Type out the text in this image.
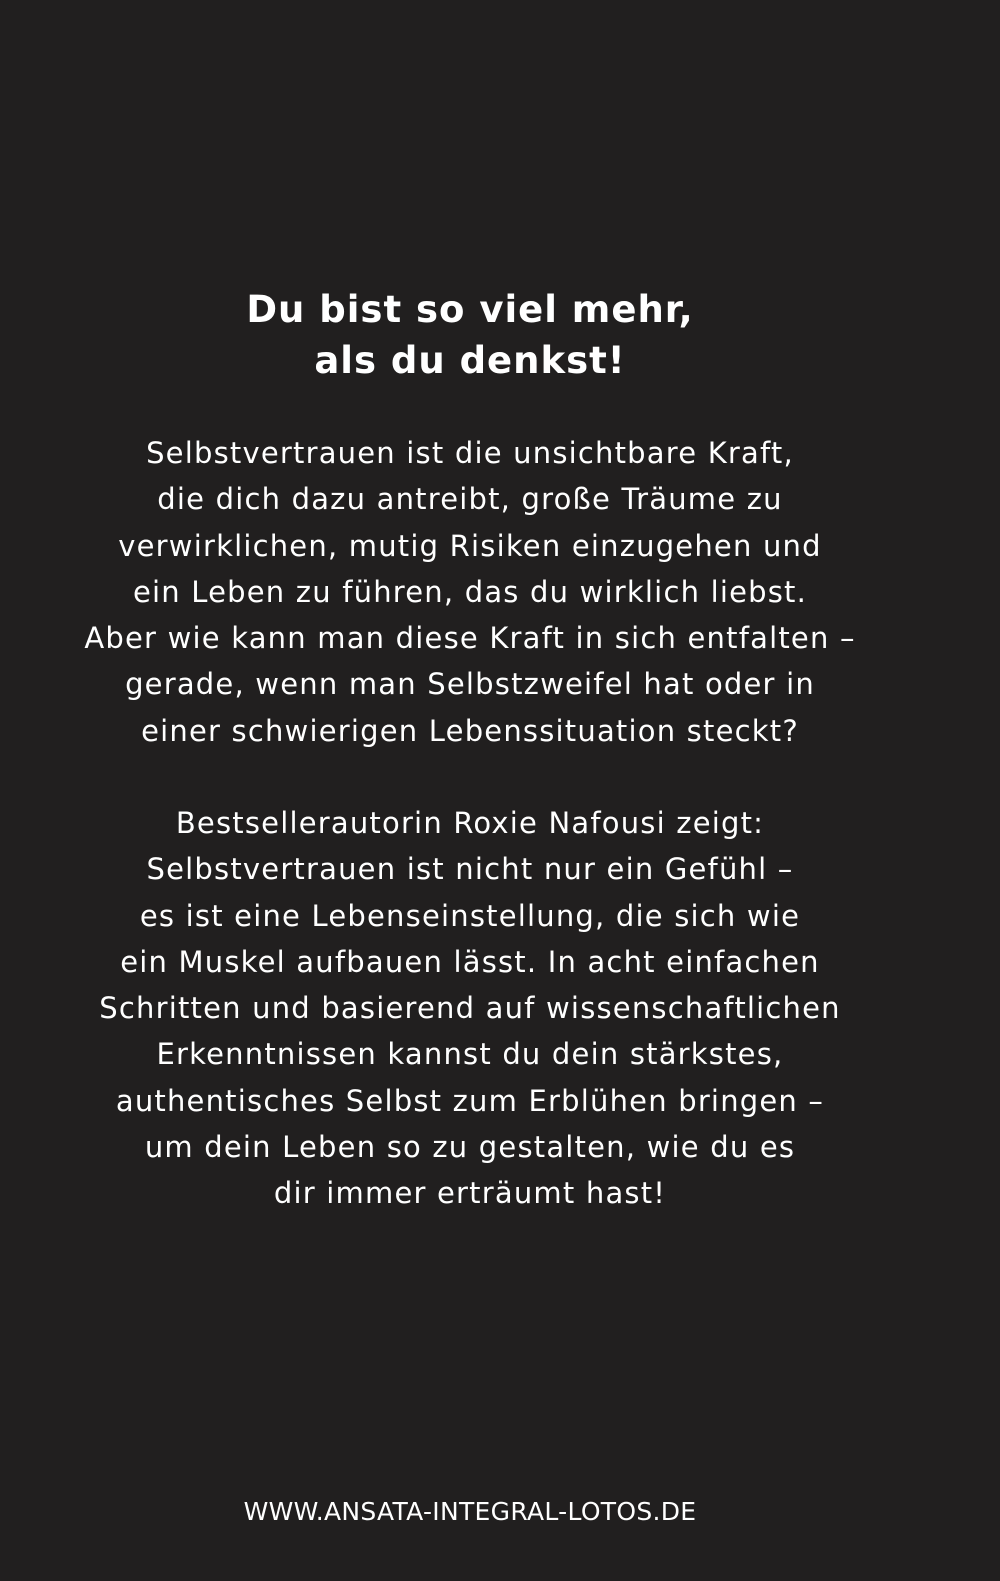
Du bist so viel mehr,
als du denkst!

Selbstvertrauen ist die unsichtbare Kraft,
die dich dazu antreibt, große Träume zu
verwirklichen, mutig Risiken einzugehen und
ein Leben zu führen, das du wirklich liebst.
Aber wie kann man diese Kraft in sich entfalten –
gerade, wenn man Selbstzweifel hat oder in
einer schwierigen Lebenssituation steckt?

Bestsellerautorin Roxie Nafousi zeigt:
Selbstvertrauen ist nicht nur ein Gefühl –
es ist eine Lebenseinstellung, die sich wie
ein Muskel aufbauen lässt. In acht einfachen
Schritten und basierend auf wissenschaftlichen
Erkenntnissen kannst du dein stärkstes,
authentisches Selbst zum Erblühen bringen –
um dein Leben so zu gestalten, wie du es
dir immer erträumt hast!

WWW.ANSATA-INTEGRAL-LOTOS.DE
